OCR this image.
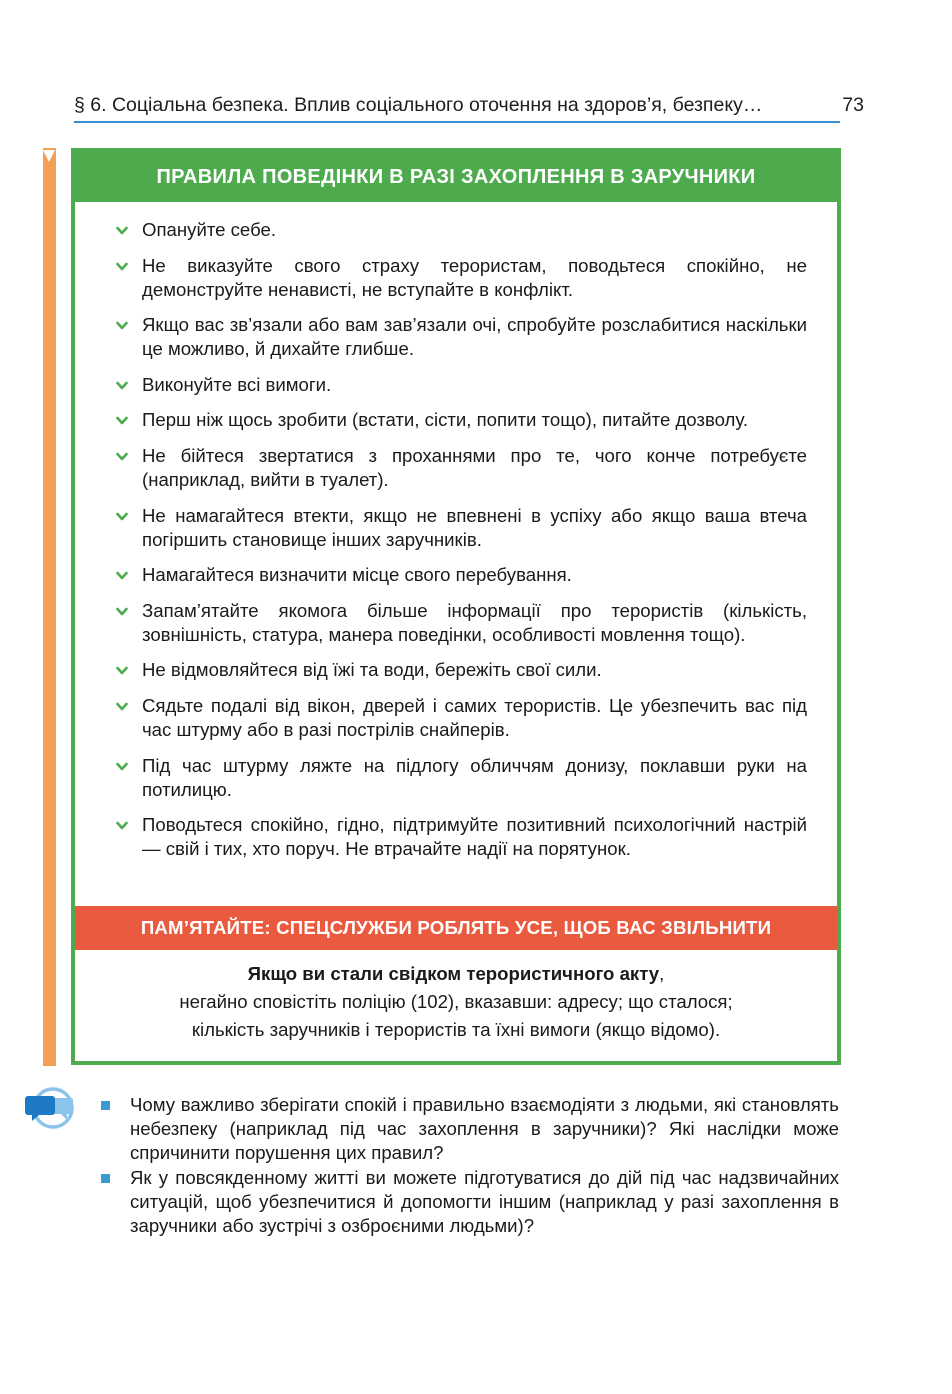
§ 6. Соціальна безпека. Вплив соціального оточення на здоров’я, безпеку…	73
ПРАВИЛА ПОВЕДІНКИ В РАЗІ ЗАХОПЛЕННЯ В ЗАРУЧНИКИ
Опануйте себе.
Не виказуйте свого страху терористам, поводьтеся спокійно, не демонструйте ненависті, не вступайте в конфлікт.
Якщо вас зв’язали або вам зав’язали очі, спробуйте розслабитися наскільки це можливо, й дихайте глибше.
Виконуйте всі вимоги.
Перш ніж щось зробити (встати, сісти, попити тощо), питайте дозволу.
Не бійтеся звертатися з проханнями про те, чого конче потребуєте (наприклад, вийти в туалет).
Не намагайтеся втекти, якщо не впевнені в успіху або якщо ваша втеча погіршить становище інших заручників.
Намагайтеся визначити місце свого перебування.
Запам’ятайте якомога більше інформації про терористів (кількість, зовнішність, статура, манера поведінки, особливості мовлення тощо).
Не відмовляйтеся від їжі та води, бережіть свої сили.
Сядьте подалі від вікон, дверей і самих терористів. Це убезпечить вас під час штурму або в разі пострілів снайперів.
Під час штурму ляжте на підлогу обличчям донизу, поклавши руки на потилицю.
Поводьтеся спокійно, гідно, підтримуйте позитивний психологічний настрій — свій і тих, хто поруч. Не втрачайте надії на порятунок.
ПАМ’ЯТАЙТЕ: СПЕЦСЛУЖБИ РОБЛЯТЬ УСЕ, ЩОБ ВАС ЗВІЛЬНИТИ
Якщо ви стали свідком терористичного акту,
негайно сповістіть поліцію (102), вказавши: адресу; що сталося;
кількість заручників і терористів та їхні вимоги (якщо відомо).
Чому важливо зберігати спокій і правильно взаємодіяти з людьми, які становлять небезпеку (наприклад під час захоплення в заручники)? Які наслідки може спричинити порушення цих правил?
Як у повсякденному житті ви можете підготуватися до дій під час надзвичайних ситуацій, щоб убезпечитися й допомогти іншим (наприклад у разі захоплення в заручники або зустрічі з озброєними людьми)?
